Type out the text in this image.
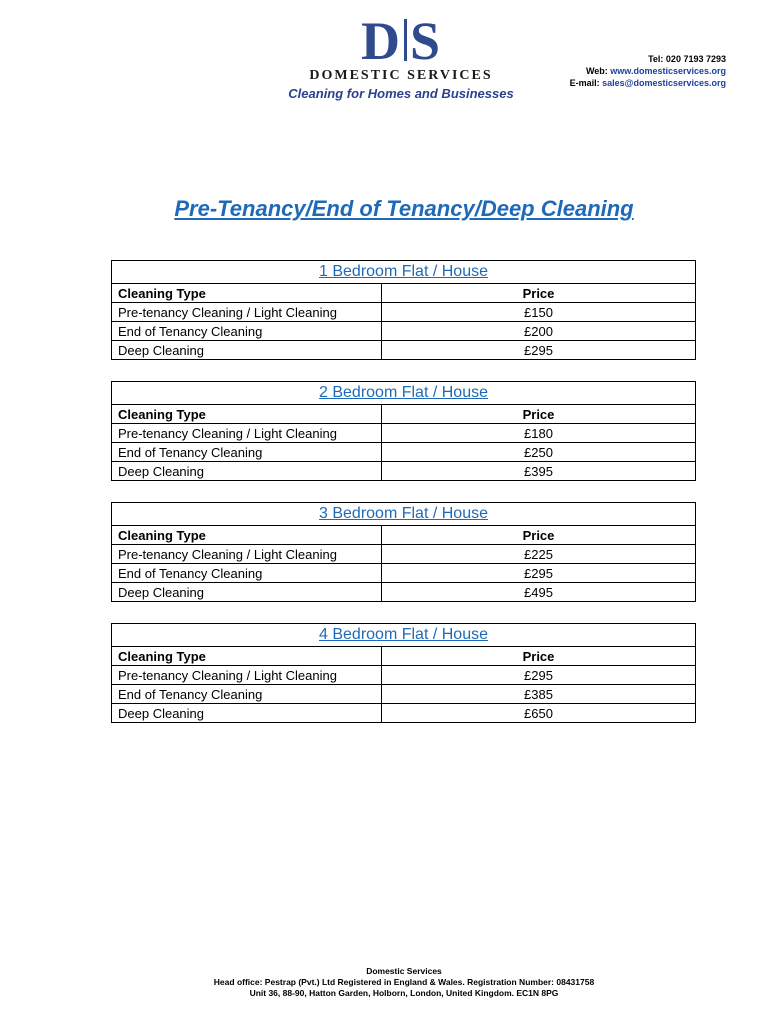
D S
DOMESTIC SERVICES
Cleaning for Homes and Businesses
Tel: 020 7193 7293
Web: www.domesticservices.org
E-mail: sales@domesticservices.org
Pre-Tenancy/End of Tenancy/Deep Cleaning
1 Bedroom Flat / House	
Cleaning Type	Price
Pre-tenancy Cleaning / Light Cleaning	£150
End of Tenancy Cleaning	£200
Deep Cleaning	£295
2 Bedroom Flat / House	
Cleaning Type	Price
Pre-tenancy Cleaning / Light Cleaning	£180
End of Tenancy Cleaning	£250
Deep Cleaning	£395
3 Bedroom Flat / House	
Cleaning Type	Price
Pre-tenancy Cleaning / Light Cleaning	£225
End of Tenancy Cleaning	£295
Deep Cleaning	£495
4 Bedroom Flat / House	
Cleaning Type	Price
Pre-tenancy Cleaning / Light Cleaning	£295
End of Tenancy Cleaning	£385
Deep Cleaning	£650
Domestic Services
Head office: Pestrap (Pvt.) Ltd Registered in England & Wales. Registration Number: 08431758
Unit 36, 88-90, Hatton Garden, Holborn, London, United Kingdom. EC1N 8PG
